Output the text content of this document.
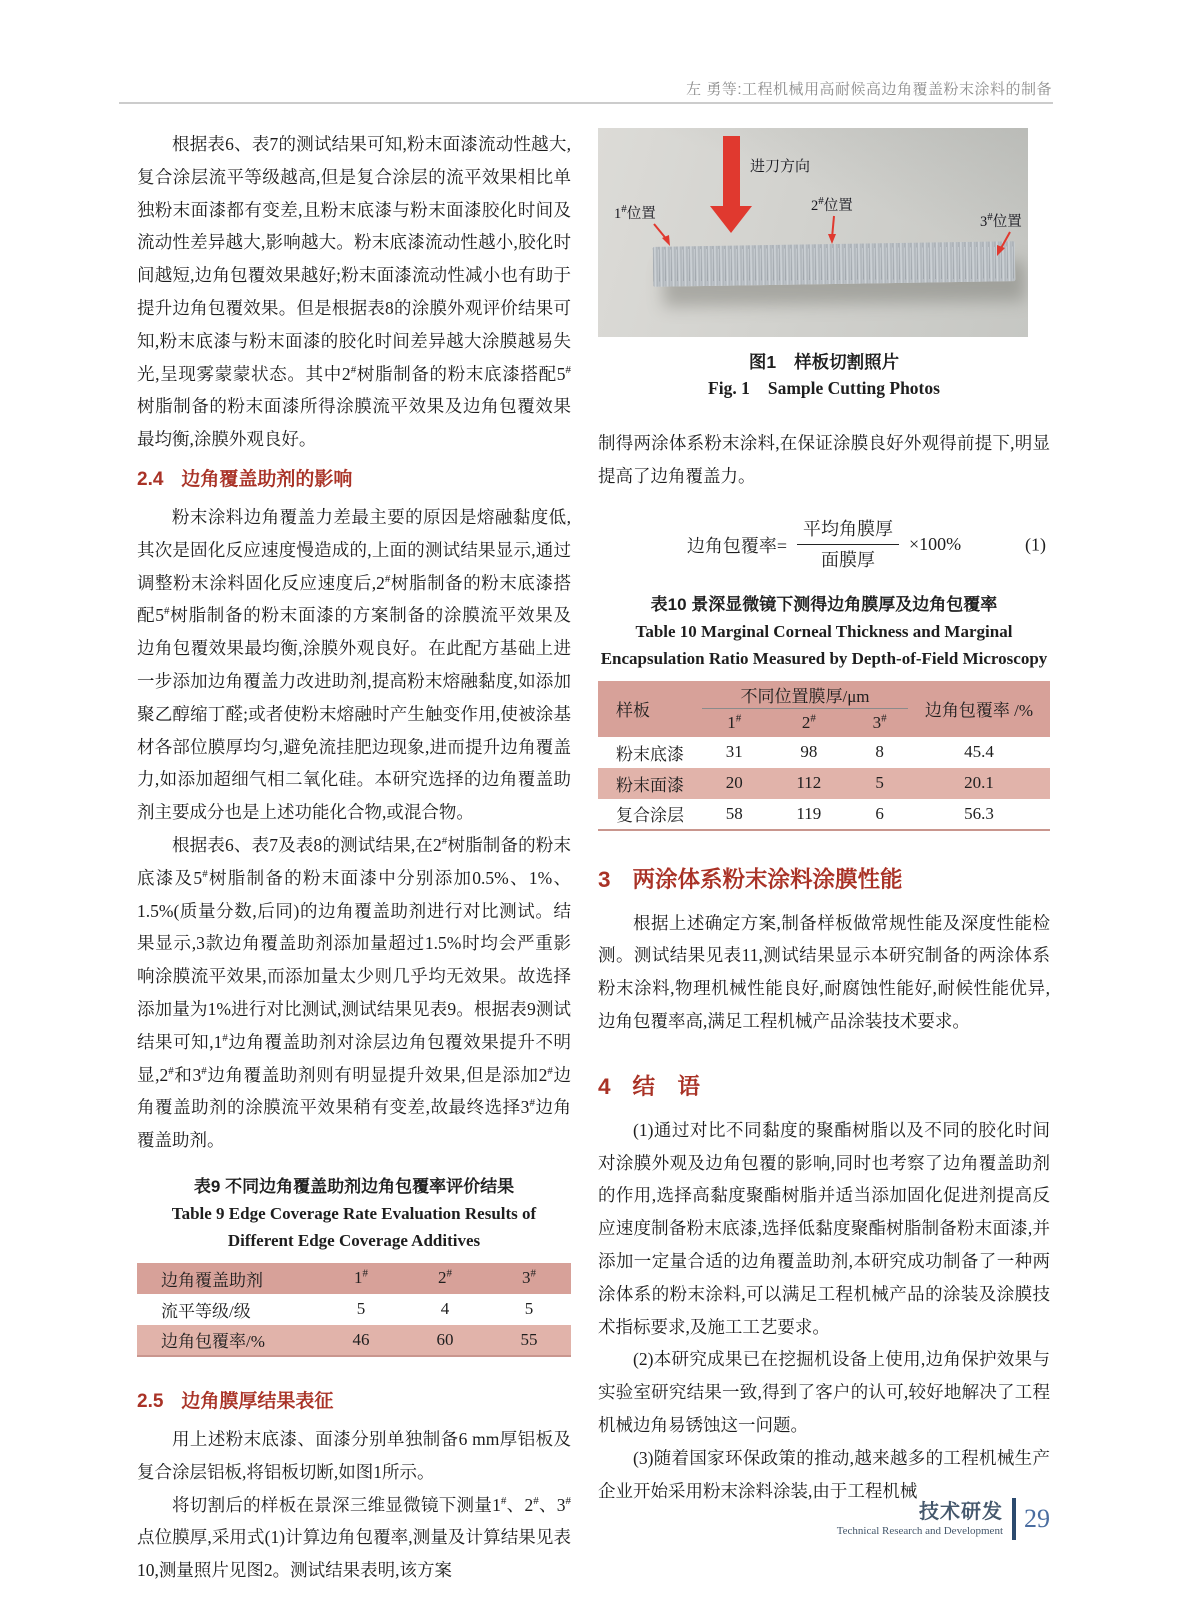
左 勇等:工程机械用高耐候高边角覆盖粉末涂料的制备

根据表6、表7的测试结果可知,粉末面漆流动性越大,复合涂层流平等级越高,但是复合涂层的流平效果相比单独粉末面漆都有变差,且粉末底漆与粉末面漆胶化时间及流动性差异越大,影响越大。粉末底漆流动性越小,胶化时间越短,边角包覆效果越好;粉末面漆流动性减小也有助于提升边角包覆效果。但是根据表8的涂膜外观评价结果可知,粉末底漆与粉末面漆的胶化时间差异越大涂膜越易失光,呈现雾蒙蒙状态。其中2#树脂制备的粉末底漆搭配5#树脂制备的粉末面漆所得涂膜流平效果及边角包覆效果最均衡,涂膜外观良好。

2.4 边角覆盖助剂的影响

粉末涂料边角覆盖力差最主要的原因是熔融黏度低,其次是固化反应速度慢造成的,上面的测试结果显示,通过调整粉末涂料固化反应速度后,2#树脂制备的粉末底漆搭配5#树脂制备的粉末面漆的方案制备的涂膜流平效果及边角包覆效果最均衡,涂膜外观良好。在此配方基础上进一步添加边角覆盖力改进助剂,提高粉末熔融黏度,如添加聚乙醇缩丁醛;或者使粉末熔融时产生触变作用,使被涂基材各部位膜厚均匀,避免流挂肥边现象,进而提升边角覆盖力,如添加超细气相二氧化硅。本研究选择的边角覆盖助剂主要成分也是上述功能化合物,或混合物。

根据表6、表7及表8的测试结果,在2#树脂制备的粉末底漆及5#树脂制备的粉末面漆中分别添加0.5%、1%、1.5%(质量分数,后同)的边角覆盖助剂进行对比测试。结果显示,3款边角覆盖助剂添加量超过1.5%时均会严重影响涂膜流平效果,而添加量太少则几乎均无效果。故选择添加量为1%进行对比测试,测试结果见表9。根据表9测试结果可知,1#边角覆盖助剂对涂层边角包覆效果提升不明显,2#和3#边角覆盖助剂则有明显提升效果,但是添加2#边角覆盖助剂的涂膜流平效果稍有变差,故最终选择3#边角覆盖助剂。

表9 不同边角覆盖助剂边角包覆率评价结果
Table 9 Edge Coverage Rate Evaluation Results of Different Edge Coverage Additives
边角覆盖助剂	1#	2#	3#
流平等级/级	5	4	5
边角包覆率/%	46	60	55
2.5 边角膜厚结果表征

用上述粉末底漆、面漆分别单独制备6 mm厚铝板及复合涂层铝板,将铝板切断,如图1所示。

将切割后的样板在景深三维显微镜下测量1#、2#、3#点位膜厚,采用式(1)计算边角包覆率,测量及计算结果见表10,测量照片见图2。测试结果表明,该方案

进刀方向
1#位置	2#位置
3#位置
图1 样板切割照片
Fig. 1 Sample Cutting Photos

制得两涂体系粉末涂料,在保证涂膜良好外观得前提下,明显提高了边角覆盖力。

边角包覆率= $\frac{\text{平均角膜厚}}{\text{面膜厚}} \times 100\%$	(1)
表10 景深显微镜下测得边角膜厚及边角包覆率
Table 10 Marginal Corneal Thickness and Marginal Encapsulation Ratio Measured by Depth-of-Field Microscopy
样板	不同位置膜厚/μm			边角包覆率 /%
	1#	2#	3#
粉末底漆	31	98	8	45.4
粉末面漆	20	112	5	20.1
复合涂层	58	119	6	56.3
3 两涂体系粉末涂料涂膜性能

根据上述确定方案,制备样板做常规性能及深度性能检测。测试结果见表11,测试结果显示本研究制备的两涂体系粉末涂料,物理机械性能良好,耐腐蚀性能好,耐候性能优异,边角包覆率高,满足工程机械产品涂装技术要求。

4 结　语

(1)通过对比不同黏度的聚酯树脂以及不同的胶化时间对涂膜外观及边角包覆的影响,同时也考察了边角覆盖助剂的作用,选择高黏度聚酯树脂并适当添加固化促进剂提高反应速度制备粉末底漆,选择低黏度聚酯树脂制备粉末面漆,并添加一定量合适的边角覆盖助剂,本研究成功制备了一种两涂体系的粉末涂料,可以满足工程机械产品的涂装及涂膜技术指标要求,及施工工艺要求。

(2)本研究成果已在挖掘机设备上使用,边角保护效果与实验室研究结果一致,得到了客户的认可,较好地解决了工程机械边角易锈蚀这一问题。

(3)随着国家环保政策的推动,越来越多的工程机械生产企业开始采用粉末涂料涂装,由于工程机械

技术研发
Technical Research and Development 29
